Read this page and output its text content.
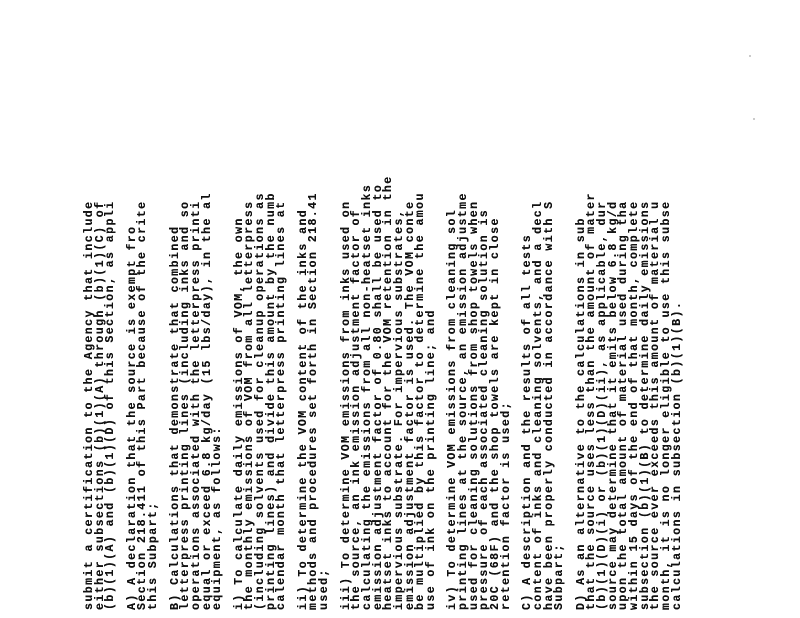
submit a certification to the Agency that include
either subsections (b)(1)(A) through (b)(1)(C) of
(b)(1)(A) and (b)(1)(D) of this Section, as appli A) A declaration that the source is exempt fro
Section 218.411 of this Part because of the crite
this Subpart; B) Calculations that demonstrate that combined
letterpress printing lines (including inks and so
operations associated with the letterpress printi
equal or exceed 6.8 kg/day (15 lbs/day), in the al
equipment, as follows: i) To calculate daily emissions of VOM, the own
the monthly emissions of VOM from all letterpress
(including solvents used for cleanup operations as
printing lines) and divide this amount by the numb
calendar month that letterpress printing lines at ii) To determine the VOM content of the inks and
methods and procedures set forth in Section 218.41
used; iii) To determine VOM emissions from inks used on
the source, an ink emission adjustment factor of
calculating the emissions from all non-heatset inks
emission adjustment factor of 0.80 shall be used to
heatset inks to account for the VOM retention in the
impervious substrate. For impervious substrates,
emission adjustment factor is used. The VOM conte
be multiplied by this factor to determine the amou
use of ink on the printing line; and iv) To determine VOM emissions from cleaning sol
printing lines at the source, an emission adjustme
used for cleaning solutions from shop towels when
pressure of each associated cleaning solution is
20C (68F) and the shop towels are kept in close
retention factor is used; C) A description and the results of all tests
content of inks and cleaning solvents, and a decl
have been properly conducted in accordance with S
Subpart; D) As an alternative to the calculations in sub
that the source uses less than the amount of mater
(b)(1)(D)(i) or (b)(1)(D)(ii), as applicable, dur
source may determine that it emits below 6.8 kg/d
upon the total amount of material used during tha
within 15 days of the end of that month, complete
subsection (b)(1)(B) to determine daily emissions
the source ever exceeds this amount of material u
month, it is no longer eligible to use this subse
calculations in subsection (b)(1)(B).
